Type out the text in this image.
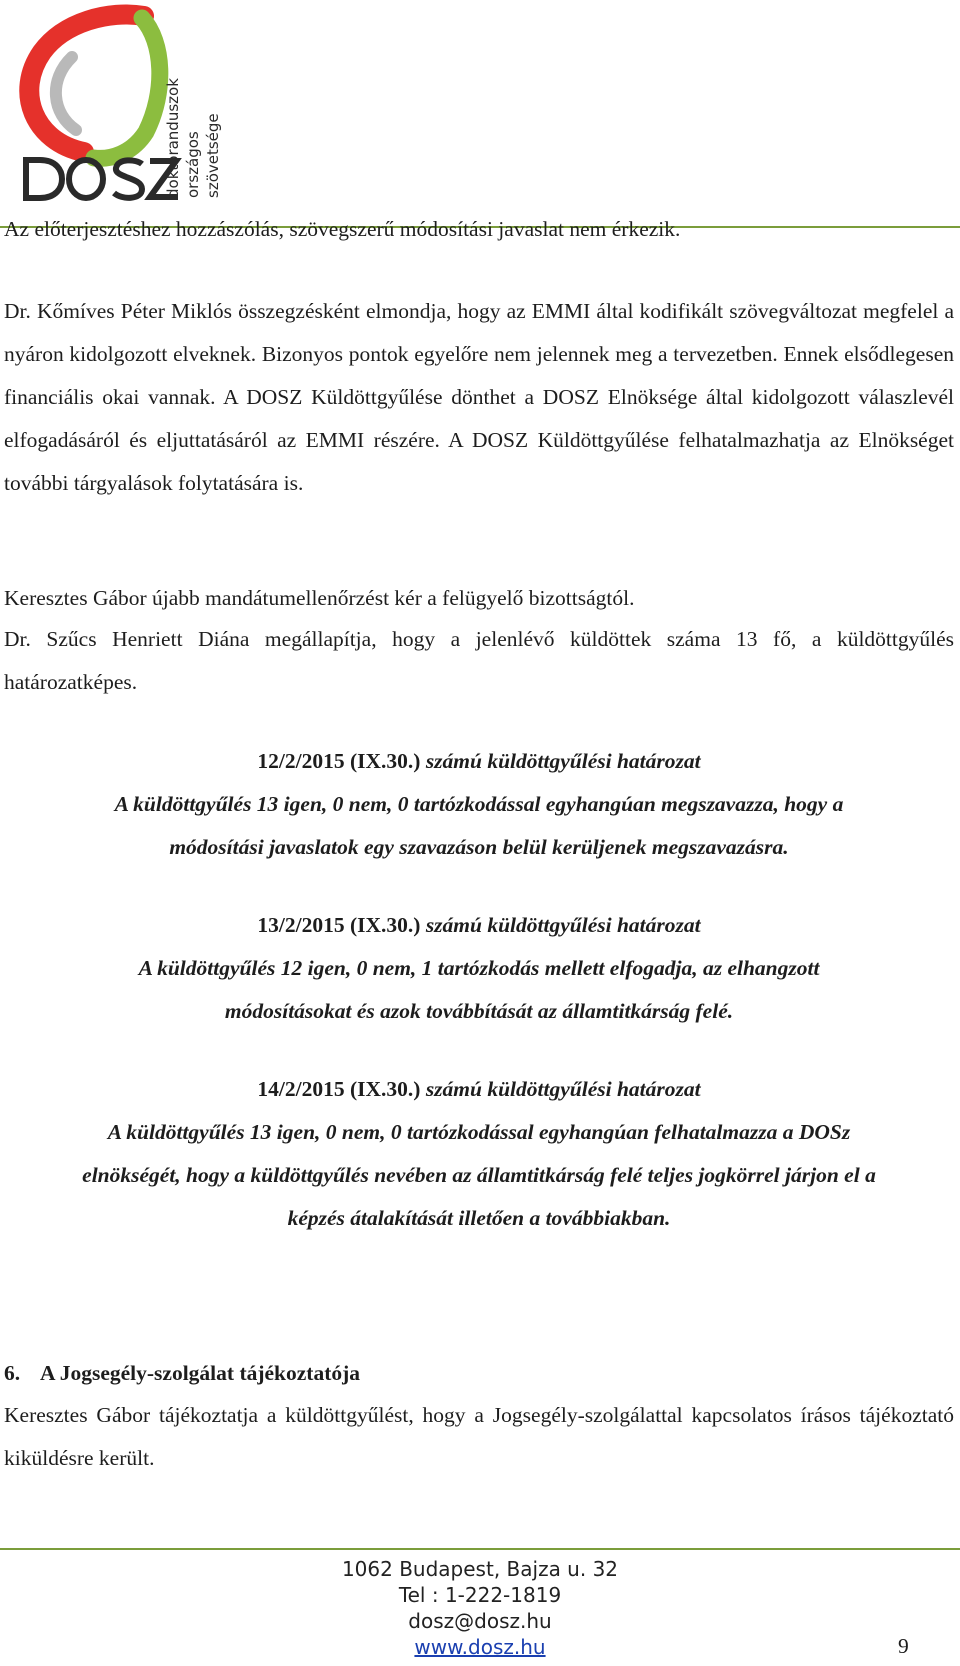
doktoranduszok országos szövetsége

Az előterjesztéshez hozzászólás, szövegszerű módosítási javaslat nem érkezik.

Dr. Kőmíves Péter Miklós összegzésként elmondja, hogy az EMMI által kodifikált szövegváltozat megfelel a nyáron kidolgozott elveknek. Bizonyos pontok egyelőre nem jelennek meg a tervezetben. Ennek elsődlegesen financiális okai vannak. A DOSZ Küldöttgyűlése dönthet a DOSZ Elnöksége által kidolgozott válaszlevél elfogadásáról és eljuttatásáról az EMMI részére. A DOSZ Küldöttgyűlése felhatalmazhatja az Elnökséget további tárgyalások folytatására is.

Keresztes Gábor újabb mandátumellenőrzést kér a felügyelő bizottságtól.

Dr. Szűcs Henriett Diána megállapítja, hogy a jelenlévő küldöttek száma 13 fő, a küldöttgyűlés határozatképes.

12/2/2015 (IX.30.) számú küldöttgyűlési határozat
A küldöttgyűlés 13 igen, 0 nem, 0 tartózkodással egyhangúan megszavazza, hogy a
módosítási javaslatok egy szavazáson belül kerüljenek megszavazásra.
13/2/2015 (IX.30.) számú küldöttgyűlési határozat
A küldöttgyűlés 12 igen, 0 nem, 1 tartózkodás mellett elfogadja, az elhangzott
módosításokat és azok továbbítását az államtitkárság felé.
14/2/2015 (IX.30.) számú küldöttgyűlési határozat
A küldöttgyűlés 13 igen, 0 nem, 0 tartózkodással egyhangúan felhatalmazza a DOSz
elnökségét, hogy a küldöttgyűlés nevében az államtitkárság felé teljes jogkörrel járjon el a
képzés átalakítását illetően a továbbiakban.
6. A Jogsegély-szolgálat tájékoztatója

Keresztes Gábor tájékoztatja a küldöttgyűlést, hogy a Jogsegély-szolgálattal kapcsolatos írásos tájékoztató kiküldésre került.

1062 Budapest, Bajza u. 32
Tel : 1-222-1819
dosz@dosz.hu
www.dosz.hu	9
